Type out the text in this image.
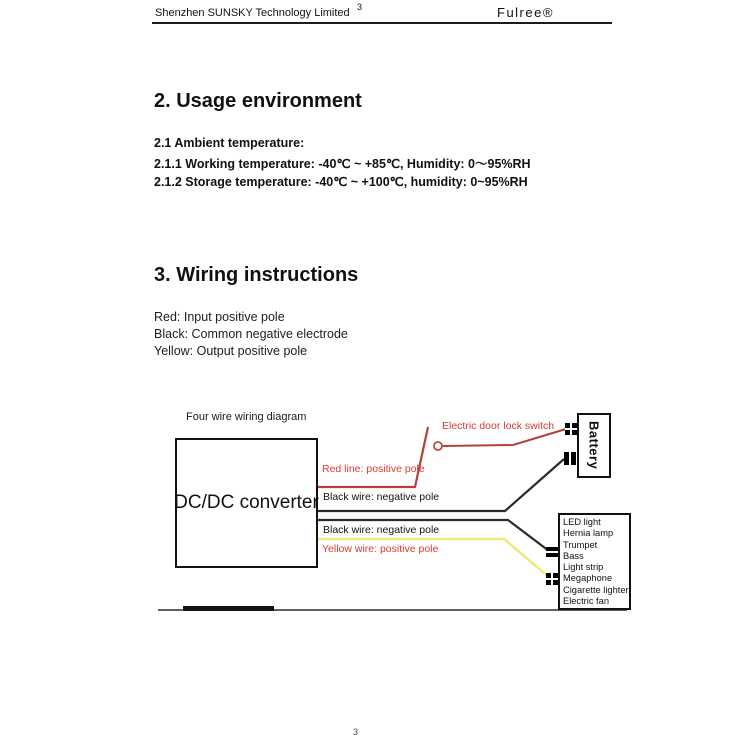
Shenzhen SUNSKY Technology Limited 3	Fulree®
2. Usage environment
2.1 Ambient temperature:
2.1.1 Working temperature: -40℃ ~ +85℃, Humidity: 0～95%RH
2.1.2 Storage temperature: -40℃ ~ +100℃, humidity: 0~95%RH
3. Wiring instructions
Red: Input positive pole
Black: Common negative electrode
Yellow: Output positive pole
Four wire wiring diagram
DC/DC converter
Battery
LED light
Hernia lamp
Trumpet
Bass
Light strip
Megaphone
Cigarette lighter
Electric fan
Red line: positive pole
Black wire: negative pole
Black wire: negative pole
Yellow wire: positive pole
Electric door lock switch
3
